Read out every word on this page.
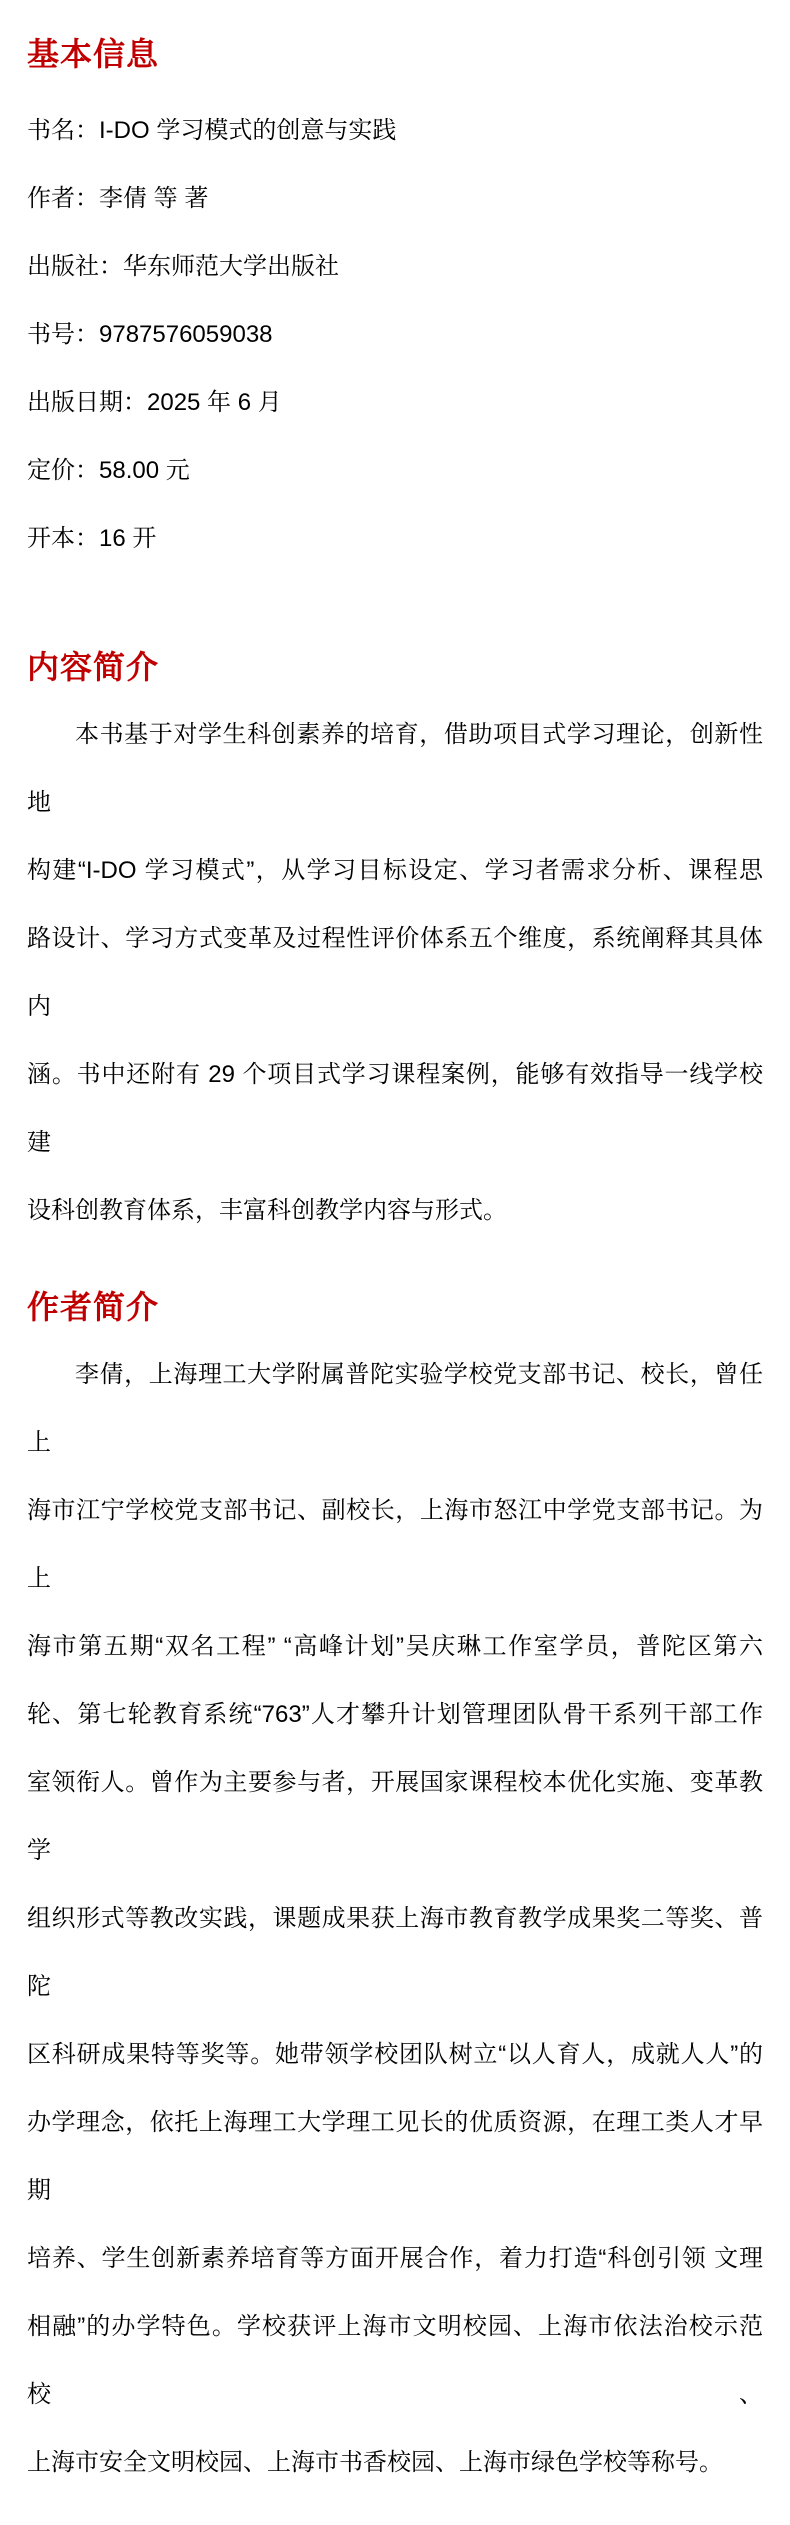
基本信息
书名：I-DO 学习模式的创意与实践
作者：李倩 等 著
出版社：华东师范大学出版社
书号：9787576059038
出版日期：2025 年 6 月
定价：58.00 元
开本：16 开
内容简介
本书基于对学生科创素养的培育，借助项目式学习理论，创新性地
构建“I-DO 学习模式”，从学习目标设定、学习者需求分析、课程思
路设计、学习方式变革及过程性评价体系五个维度，系统阐释其具体内
涵。书中还附有 29 个项目式学习课程案例，能够有效指导一线学校建
设科创教育体系，丰富科创教学内容与形式。
作者简介
李倩，上海理工大学附属普陀实验学校党支部书记、校长，曾任上
海市江宁学校党支部书记、副校长，上海市怒江中学党支部书记。为上
海市第五期“双名工程” “高峰计划”吴庆琳工作室学员，普陀区第六
轮、第七轮教育系统“763”人才攀升计划管理团队骨干系列干部工作
室领衔人。曾作为主要参与者，开展国家课程校本优化实施、变革教学
组织形式等教改实践，课题成果获上海市教育教学成果奖二等奖、普陀
区科研成果特等奖等。她带领学校团队树立“以人育人，成就人人”的
办学理念，依托上海理工大学理工见长的优质资源，在理工类人才早期
培养、学生创新素养培育等方面开展合作，着力打造“科创引领 文理
相融”的办学特色。学校获评上海市文明校园、上海市依法治校示范校、
上海市安全文明校园、上海市书香校园、上海市绿色学校等称号。
